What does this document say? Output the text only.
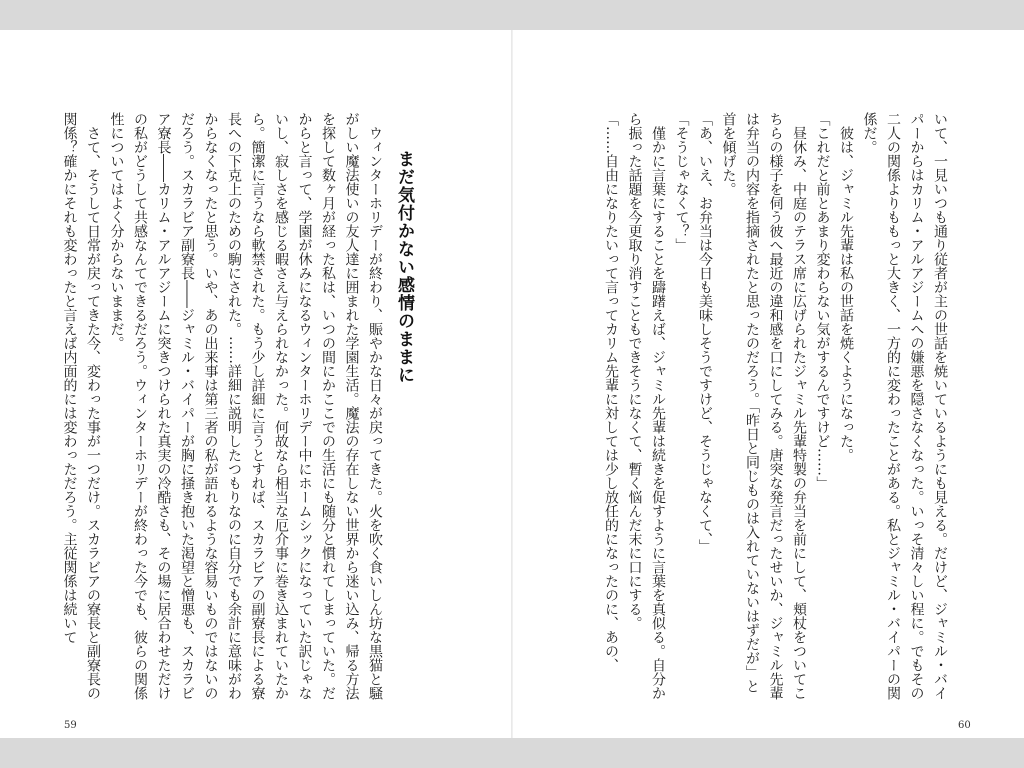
まだ気付かない感情のままに

ウィンターホリデーが終わり、賑やかな日々が戻ってきた。火を吹く食いしん坊な黒猫と騒がしい魔法使いの友人達に囲まれた学園生活。魔法の存在しない世界から迷い込み、帰る方法を探して数ヶ月が経った私は、いつの間にかここでの生活にも随分と慣れてしまっていた。だからと言って、学園が休みになるウィンターホリデー中にホームシックになっていた訳じゃないし、寂しさを感じる暇さえ与えられなかった。何故なら相当な厄介事に巻き込まれていたから。簡潔に言うなら軟禁された。もう少し詳細に言うとすれば、スカラビアの副寮長による寮長への下克上のための駒にされた。……詳細に説明したつもりなのに自分でも余計に意味がわからなくなったと思う。いや、あの出来事は第三者の私が語れるような容易いものではないのだろう。スカラビア副寮長――ジャミル・バイパーが胸に掻き抱いた渇望と憎悪も、スカラビア寮長――カリム・アルアジームに突きつけられた真実の冷酷さも、その場に居合わせただけの私がどうして共感なんてできるだろう。ウィンターホリデーが終わった今でも、彼らの関係性についてはよく分からないままだ。

さて、そうして日常が戻ってきた今、変わった事が一つだけ。スカラビアの寮長と副寮長の関係？確かにそれも変わったと言えば内面的には変わっただろう。主従関係は続いて

59

いて、一見いつも通り従者が主の世話を焼いているようにも見える。だけど、ジャミル・バイパーからはカリム・アルアジームへの嫌悪を隠さなくなった。いっそ清々しい程に。でもその二人の関係よりももっと大きく、一方的に変わったことがある。私とジャミル・バイパーの関係だ。

彼は、ジャミル先輩は私の世話を焼くようになった。

「これだと前とあまり変わらない気がするんですけど……」

昼休み、中庭のテラス席に広げられたジャミル先輩特製の弁当を前にして、頬杖をついてこちらの様子を伺う彼へ最近の違和感を口にしてみる。唐突な発言だったせいか、ジャミル先輩は弁当の内容を指摘されたと思ったのだろう。「昨日と同じものは入れていないはずだが」と首を傾げた。

「あ、いえ、お弁当は今日も美味しそうですけど、そうじゃなくて、」

「そうじゃなくて？」

僅かに言葉にすることを躊躇えば、ジャミル先輩は続きを促すように言葉を真似る。自分から振った話題を今更取り消すこともできそうになくて、暫く悩んだ末に口にする。

「……自由になりたいって言ってカリム先輩に対しては少し放任的になったのに、あの、

60
